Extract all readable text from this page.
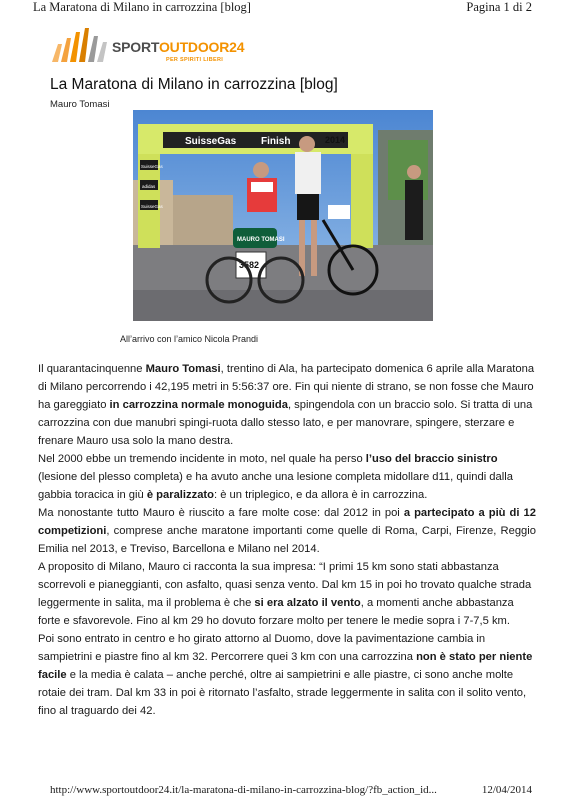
La Maratona di Milano in carrozzina [blog]	Pagina 1 di 2
SPORTOUTDOOR24
PER SPIRITI LIBERI
La Maratona di Milano in carrozzina [blog]
Mauro Tomasi
SuisseGas Finish	2014
SuisseGas
adidas
SuisseGas
MAURO TOMASI
3582
All’arrivo con l’amico Nicola Prandi

Il quarantacinquenne Mauro Tomasi, trentino di Ala, ha partecipato domenica 6 aprile alla Maratona di Milano percorrendo i 42,195 metri in 5:56:37 ore. Fin qui niente di strano, se non fosse che Mauro ha gareggiato in carrozzina normale monoguida, spingendola con un braccio solo. Si tratta di una carrozzina con due manubri spingi-ruota dallo stesso lato, e per manovrare, spingere, sterzare e frenare Mauro usa solo la mano destra.

Nel 2000 ebbe un tremendo incidente in moto, nel quale ha perso l’uso del braccio sinistro (lesione del plesso completa) e ha avuto anche una lesione completa midollare d11, quindi dalla gabbia toracica in giù è paralizzato: è un triplegico, e da allora è in carrozzina.

Ma nonostante tutto Mauro è riuscito a fare molte cose: dal 2012 in poi a partecipato a più di 12 competizioni, comprese anche maratone importanti come quelle di Roma, Carpi, Firenze, Reggio Emilia nel 2013, e Treviso, Barcellona e Milano nel 2014.

A proposito di Milano, Mauro ci racconta la sua impresa: “I primi 15 km sono stati abbastanza scorrevoli e pianeggianti, con asfalto, quasi senza vento. Dal km 15 in poi ho trovato qualche strada leggermente in salita, ma il problema è che si era alzato il vento, a momenti anche abbastanza forte e sfavorevole. Fino al km 29 ho dovuto forzare molto per tenere le medie sopra i 7-7,5 km.

Poi sono entrato in centro e ho girato attorno al Duomo, dove la pavimentazione cambia in sampietrini e piastre fino al km 32. Percorrere quei 3 km con una carrozzina non è stato per niente facile e la media è calata – anche perché, oltre ai sampietrini e alle piastre, ci sono anche molte rotaie dei tram. Dal km 33 in poi è ritornato l’asfalto, strade leggermente in salita con il solito vento, fino al traguardo dei 42.

http://www.sportoutdoor24.it/la-maratona-di-milano-in-carrozzina-blog/?fb_action_id...	12/04/2014
